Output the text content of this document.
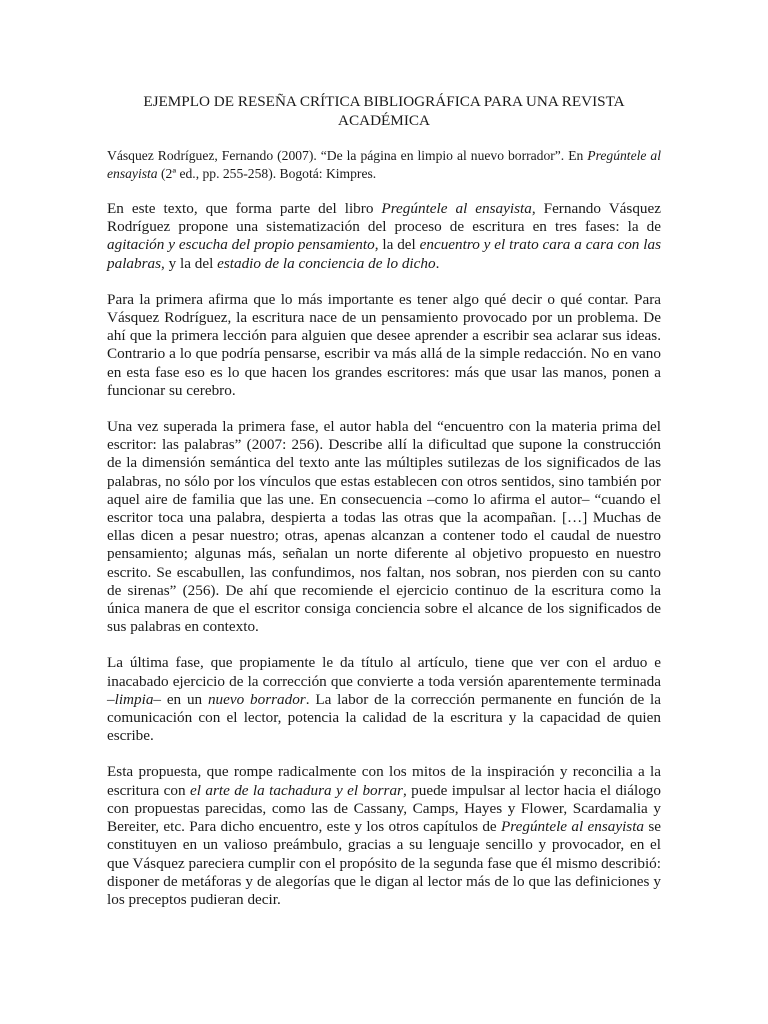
EJEMPLO DE RESEÑA CRÍTICA BIBLIOGRÁFICA PARA UNA REVISTA ACADÉMICA

Vásquez Rodríguez, Fernando (2007). “De la página en limpio al nuevo borrador”. En Pregúntele al ensayista (2ª ed., pp. 255-258). Bogotá: Kimpres.

En este texto, que forma parte del libro Pregúntele al ensayista, Fernando Vásquez Rodríguez propone una sistematización del proceso de escritura en tres fases: la de agitación y escucha del propio pensamiento, la del encuentro y el trato cara a cara con las palabras, y la del estadio de la conciencia de lo dicho.

Para la primera afirma que lo más importante es tener algo qué decir o qué contar. Para Vásquez Rodríguez, la escritura nace de un pensamiento provocado por un problema. De ahí que la primera lección para alguien que desee aprender a escribir sea aclarar sus ideas. Contrario a lo que podría pensarse, escribir va más allá de la simple redacción. No en vano en esta fase eso es lo que hacen los grandes escritores: más que usar las manos, ponen a funcionar su cerebro.

Una vez superada la primera fase, el autor habla del “encuentro con la materia prima del escritor: las palabras” (2007: 256). Describe allí la dificultad que supone la construcción de la dimensión semántica del texto ante las múltiples sutilezas de los significados de las palabras, no sólo por los vínculos que estas establecen con otros sentidos, sino también por aquel aire de familia que las une. En consecuencia –como lo afirma el autor– “cuando el escritor toca una palabra, despierta a todas las otras que la acompañan. […] Muchas de ellas dicen a pesar nuestro; otras, apenas alcanzan a contener todo el caudal de nuestro pensamiento; algunas más, señalan un norte diferente al objetivo propuesto en nuestro escrito. Se escabullen, las confundimos, nos faltan, nos sobran, nos pierden con su canto de sirenas” (256). De ahí que recomiende el ejercicio continuo de la escritura como la única manera de que el escritor consiga conciencia sobre el alcance de los significados de sus palabras en contexto.

La última fase, que propiamente le da título al artículo, tiene que ver con el arduo e inacabado ejercicio de la corrección que convierte a toda versión aparentemente terminada –limpia– en un nuevo borrador. La labor de la corrección permanente en función de la comunicación con el lector, potencia la calidad de la escritura y la capacidad de quien escribe.

Esta propuesta, que rompe radicalmente con los mitos de la inspiración y reconcilia a la escritura con el arte de la tachadura y el borrar, puede impulsar al lector hacia el diálogo con propuestas parecidas, como las de Cassany, Camps, Hayes y Flower, Scardamalia y Bereiter, etc. Para dicho encuentro, este y los otros capítulos de Pregúntele al ensayista se constituyen en un valioso preámbulo, gracias a su lenguaje sencillo y provocador, en el que Vásquez pareciera cumplir con el propósito de la segunda fase que él mismo describió: disponer de metáforas y de alegorías que le digan al lector más de lo que las definiciones y los preceptos pudieran decir.
